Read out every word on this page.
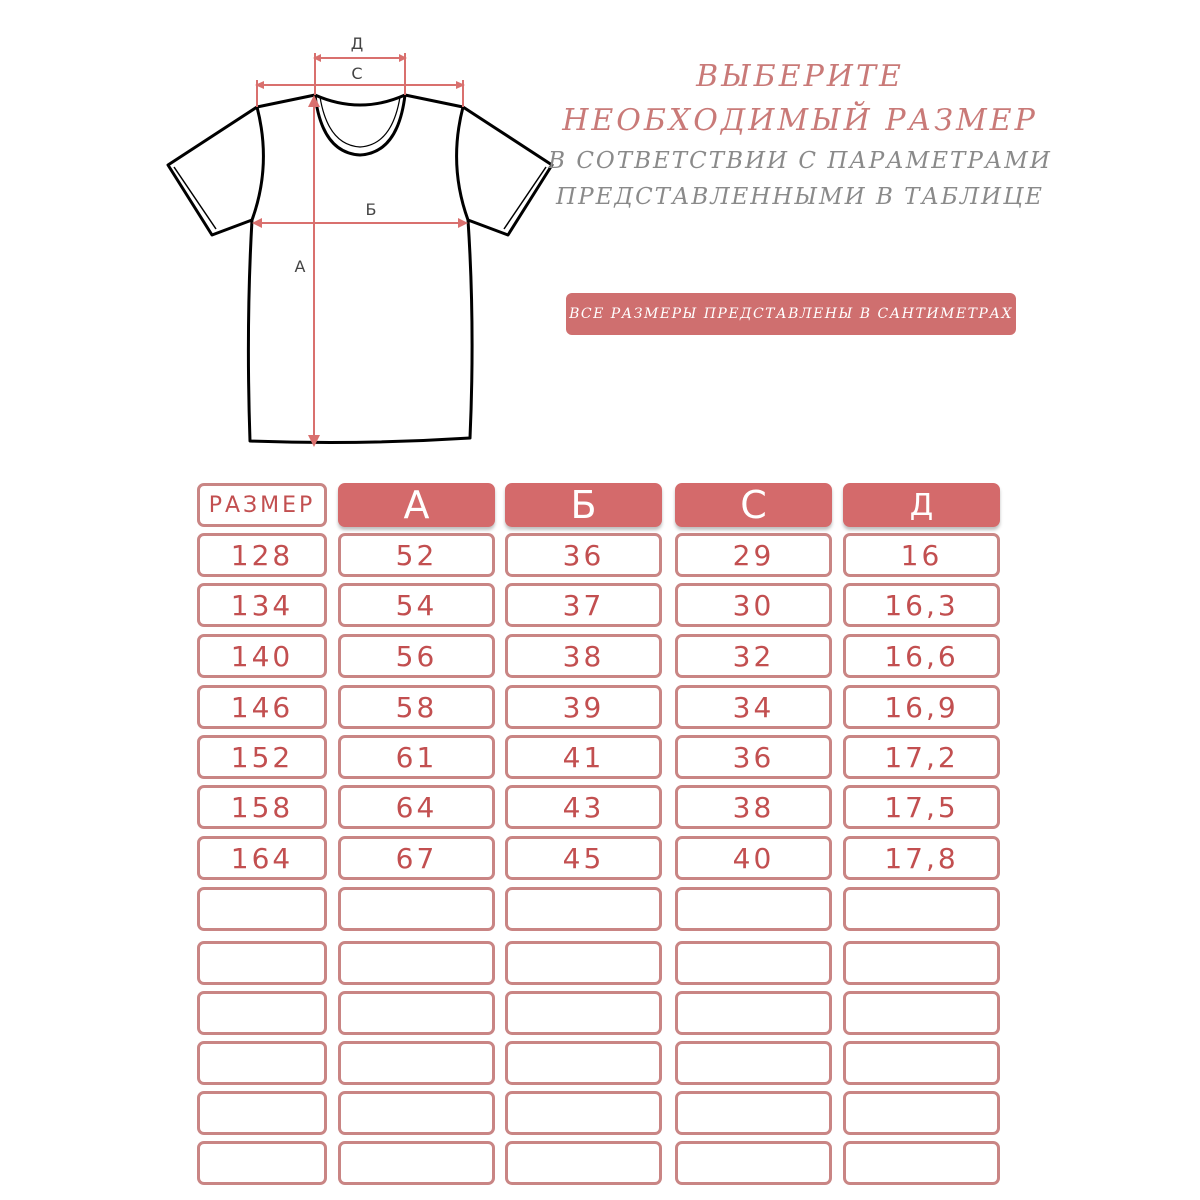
Д
С
Б
А
ВЫБЕРИТЕ
НЕОБХОДИМЫЙ РАЗМЕР
В СОТВЕТСТВИИ С ПАРАМЕТРАМИ
ПРЕДСТАВЛЕННЫМИ В ТАБЛИЦЕ
ВСЕ РАЗМЕРЫ ПРЕДСТАВЛЕНЫ В САНТИМЕТРАХ
РАЗМЕР	А	Б	С	Д
128	52	36	29	16
134	54	37	30	16,3
140	56	38	32	16,6
146	58	39	34	16,9
152	61	41	36	17,2
158	64	43	38	17,5
164	67	45	40	17,8
